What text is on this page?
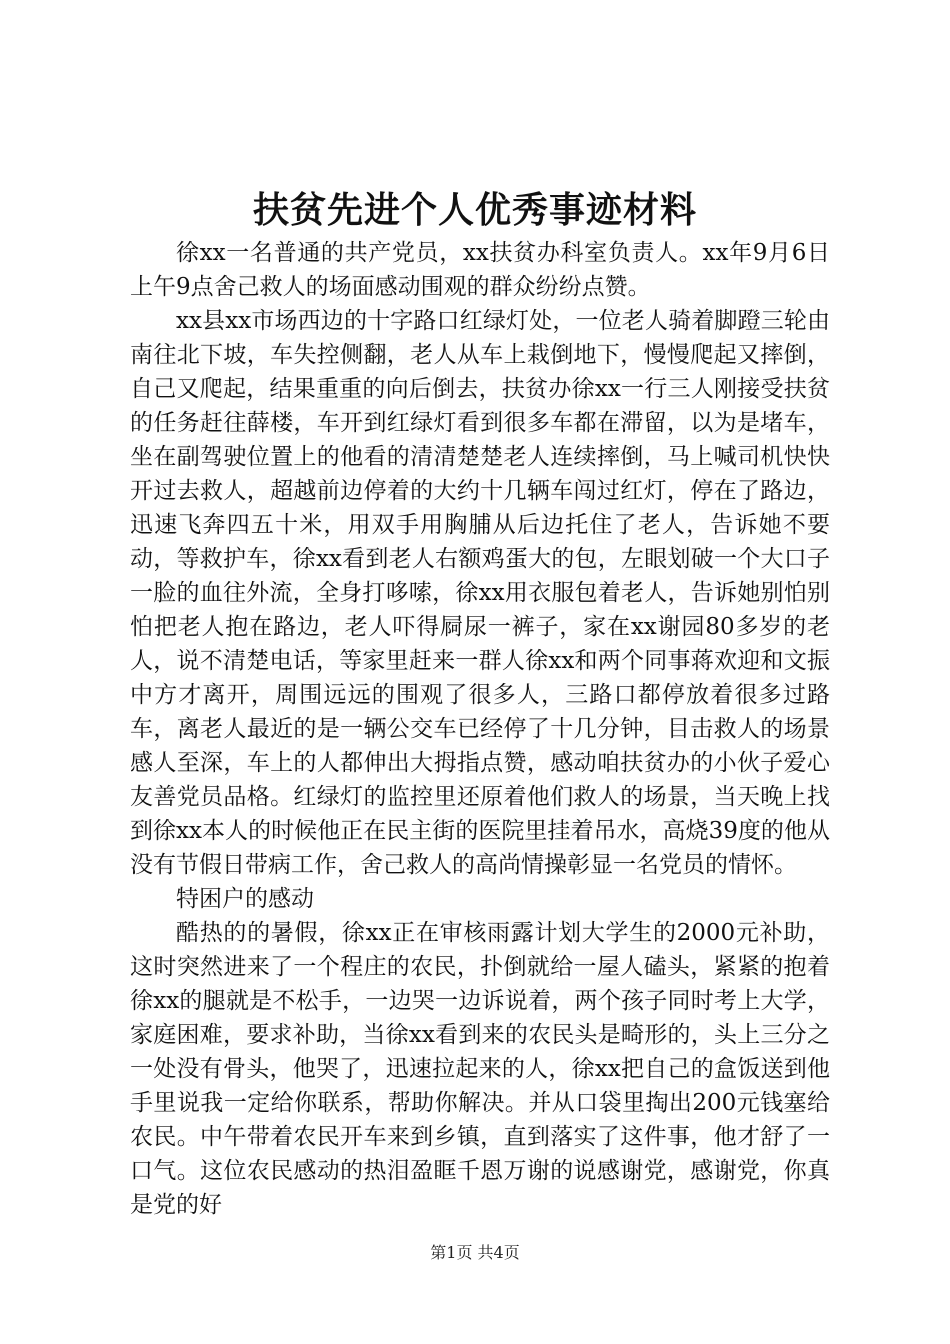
扶贫先进个人优秀事迹材料

徐xx一名普通的共产党员，xx扶贫办科室负责人。xx年9月6日上午9点舍己救人的场面感动围观的群众纷纷点赞。

xx县xx市场西边的十字路口红绿灯处，一位老人骑着脚蹬三轮由南往北下坡，车失控侧翻，老人从车上栽倒地下，慢慢爬起又摔倒，自己又爬起，结果重重的向后倒去，扶贫办徐xx一行三人刚接受扶贫的任务赶往薛楼，车开到红绿灯看到很多车都在滞留，以为是堵车，坐在副驾驶位置上的他看的清清楚楚老人连续摔倒，马上喊司机快快开过去救人，超越前边停着的大约十几辆车闯过红灯，停在了路边，迅速飞奔四五十米，用双手用胸脯从后边托住了老人，告诉她不要动，等救护车，徐xx看到老人右额鸡蛋大的包，左眼划破一个大口子一脸的血往外流，全身打哆嗦，徐xx用衣服包着老人，告诉她别怕别怕把老人抱在路边，老人吓得屙尿一裤子，家在xx谢园80多岁的老人，说不清楚电话，等家里赶来一群人徐xx和两个同事蒋欢迎和文振中方才离开，周围远远的围观了很多人，三路口都停放着很多过路车，离老人最近的是一辆公交车已经停了十几分钟，目击救人的场景感人至深，车上的人都伸出大拇指点赞，感动咱扶贫办的小伙子爱心友善党员品格。红绿灯的监控里还原着他们救人的场景，当天晚上找到徐xx本人的时候他正在民主街的医院里挂着吊水，高烧39度的他从没有节假日带病工作，舍己救人的高尚情操彰显一名党员的情怀。

特困户的感动

酷热的的暑假，徐xx正在审核雨露计划大学生的2000元补助，这时突然进来了一个程庄的农民，扑倒就给一屋人磕头，紧紧的抱着徐xx的腿就是不松手，一边哭一边诉说着，两个孩子同时考上大学，家庭困难，要求补助，当徐xx看到来的农民头是畸形的，头上三分之一处没有骨头，他哭了，迅速拉起来的人，徐xx把自己的盒饭送到他手里说我一定给你联系，帮助你解决。并从口袋里掏出200元钱塞给农民。中午带着农民开车来到乡镇，直到落实了这件事，他才舒了一口气。这位农民感动的热泪盈眶千恩万谢的说感谢党，感谢党，你真是党的好

第1页 共4页
